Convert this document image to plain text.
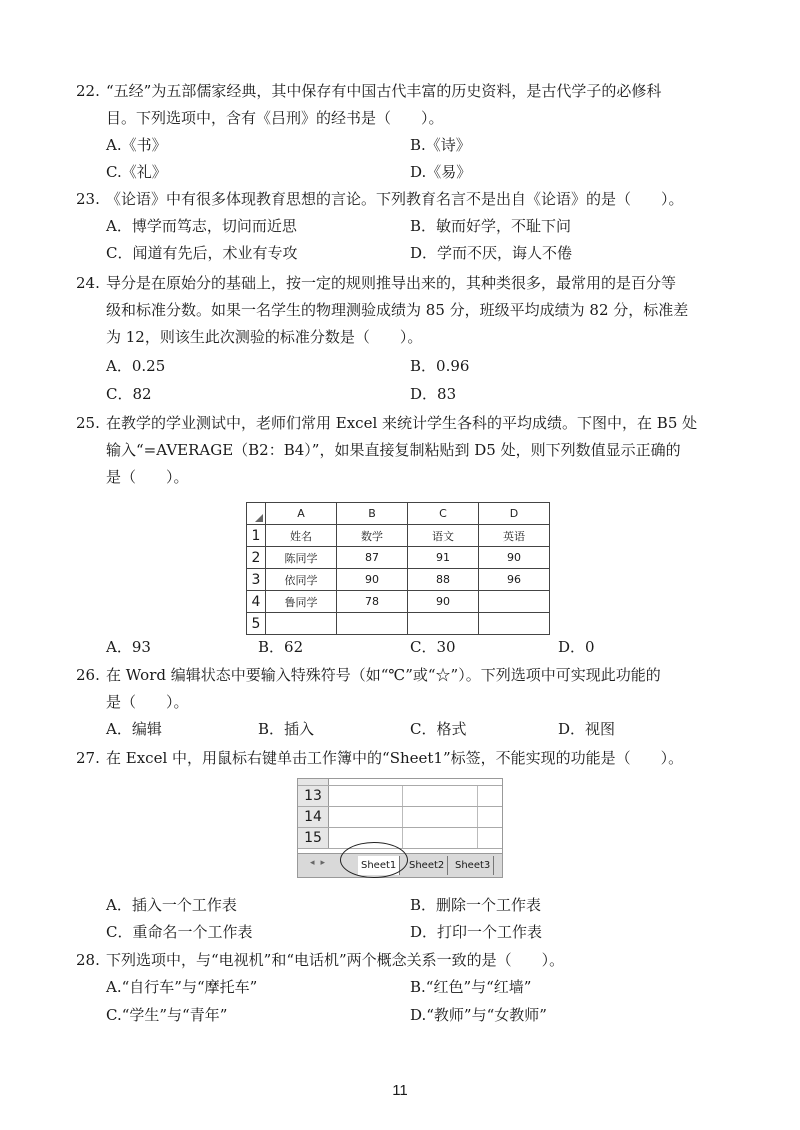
22. “五经”为五部儒家经典，其中保存有中国古代丰富的历史资料，是古代学子的必修科
目。下列选项中，含有《吕刑》的经书是（　　）。
A.《书》	B.《诗》
C.《礼》	D.《易》
23. 《论语》中有很多体现教育思想的言论。下列教育名言不是出自《论语》的是（　　）。
A．博学而笃志，切问而近思	B．敏而好学，不耻下问
C．闻道有先后，术业有专攻	D．学而不厌，诲人不倦
24. 导分是在原始分的基础上，按一定的规则推导出来的，其种类很多，最常用的是百分等
级和标准分数。如果一名学生的物理测验成绩为 85 分，班级平均成绩为 82 分，标准差
为 12，则该生此次测验的标准分数是（　　）。
A．0.25	B．0.96
C．82	D．83
25. 在教学的学业测试中，老师们常用 Excel 来统计学生各科的平均成绩。下图中，在 B5 处
输入“=AVERAGE（B2：B4）”，如果直接复制粘贴到 D5 处，则下列数值显示正确的
是（　　）。
	A	B	C	D
1	姓名	数学	语文	英语
2	陈同学	87	91	90
3	依同学	90	88	96
4	鲁同学	78	90	
5				
A．93	B．62	C．30	D．0
26. 在 Word 编辑状态中要输入特殊符号（如“℃”或“☆”）。下列选项中可实现此功能的
是（　　）。
A．编辑	B．插入	C．格式	D．视图
27. 在 Excel 中，用鼠标右键单击工作簿中的“Sheet1”标签，不能实现的功能是（　　）。
13
14
15
◂▸	Sheet1	Sheet2	Sheet3
A．插入一个工作表	B．删除一个工作表
C．重命名一个工作表	D．打印一个工作表
28. 下列选项中，与“电视机”和“电话机”两个概念关系一致的是（　　）。
A.“自行车”与“摩托车”	B.“红色”与“红墙”
C.“学生”与“青年”	D.“教师”与“女教师”
11
